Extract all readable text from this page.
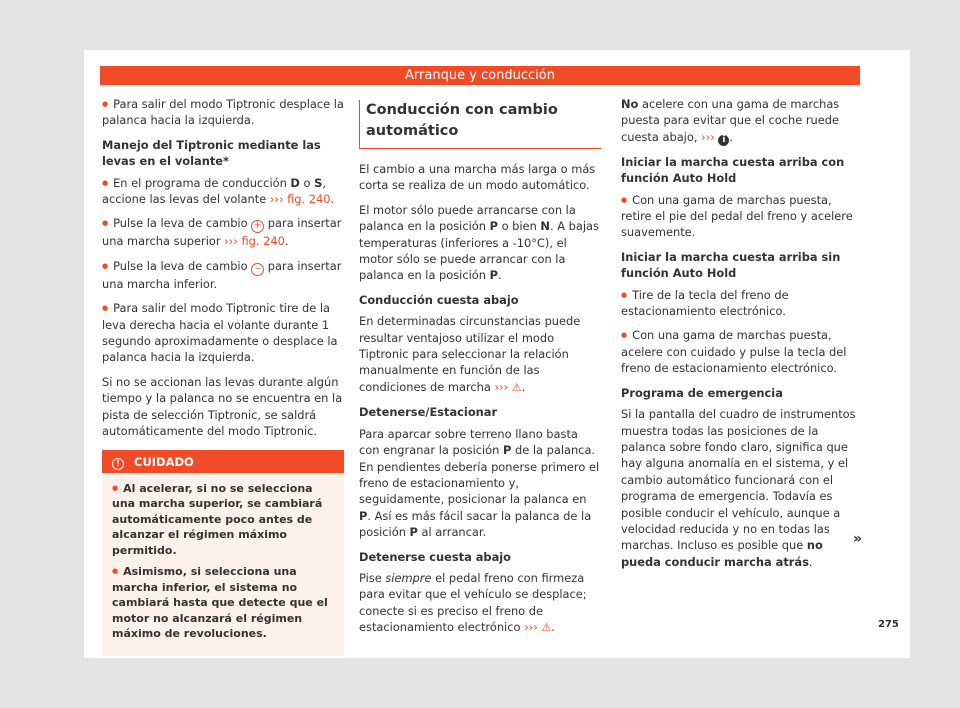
Arranque y conducción

● Para salir del modo Tiptronic desplace la palanca hacia la izquierda.

Manejo del Tiptronic mediante las levas en el volante*

● En el programa de conducción D o S, accione las levas del volante ››› fig. 240.

● Pulse la leva de cambio + para insertar una marcha superior ››› fig. 240.

● Pulse la leva de cambio – para insertar una marcha inferior.

● Para salir del modo Tiptronic tire de la leva derecha hacia el volante durante 1 segundo aproximadamente o desplace la palanca hacia la izquierda.

Si no se accionan las levas durante algún tiempo y la palanca no se encuentra en la pista de selección Tiptronic, se saldrá automáticamente del modo Tiptronic.

! CUIDADO

● Al acelerar, si no se selecciona una marcha superior, se cambiará automáticamente poco antes de alcanzar el régimen máximo permitido.

● Asimismo, si selecciona una marcha inferior, el sistema no cambiará hasta que detecte que el motor no alcanzará el régimen máximo de revoluciones.

Conducción con cambio automático

El cambio a una marcha más larga o más corta se realiza de un modo automático.

El motor sólo puede arrancarse con la palanca en la posición P o bien N. A bajas temperaturas (inferiores a -10°C), el motor sólo se puede arrancar con la palanca en la posición P.

Conducción cuesta abajo

En determinadas circunstancias puede resultar ventajoso utilizar el modo Tiptronic para seleccionar la relación manualmente en función de las condiciones de marcha ››› ⚠.

Detenerse/Estacionar

Para aparcar sobre terreno llano basta con engranar la posición P de la palanca. En pendientes debería ponerse primero el freno de estacionamiento y, seguidamente, posicionar la palanca en P. Así es más fácil sacar la palanca de la posición P al arrancar.

Detenerse cuesta abajo

Pise siempre el pedal freno con firmeza para evitar que el vehículo se desplace; conecte si es preciso el freno de estacionamiento electrónico ››› ⚠.

No acelere con una gama de marchas puesta para evitar que el coche ruede cuesta abajo, ››› i .

Iniciar la marcha cuesta arriba con función Auto Hold

● Con una gama de marchas puesta, retire el pie del pedal del freno y acelere suavemente.

Iniciar la marcha cuesta arriba sin función Auto Hold

● Tire de la tecla del freno de estacionamiento electrónico.

● Con una gama de marchas puesta, acelere con cuidado y pulse la tecla del freno de estacionamiento electrónico.

Programa de emergencia

Si la pantalla del cuadro de instrumentos muestra todas las posiciones de la palanca sobre fondo claro, significa que hay alguna anomalía en el sistema, y el cambio automático funcionará con el programa de emergencia. Todavía es posible conducir el vehículo, aunque a velocidad reducida y no en todas las marchas. Incluso es posible que no pueda conducir marcha atrás.

»
275
